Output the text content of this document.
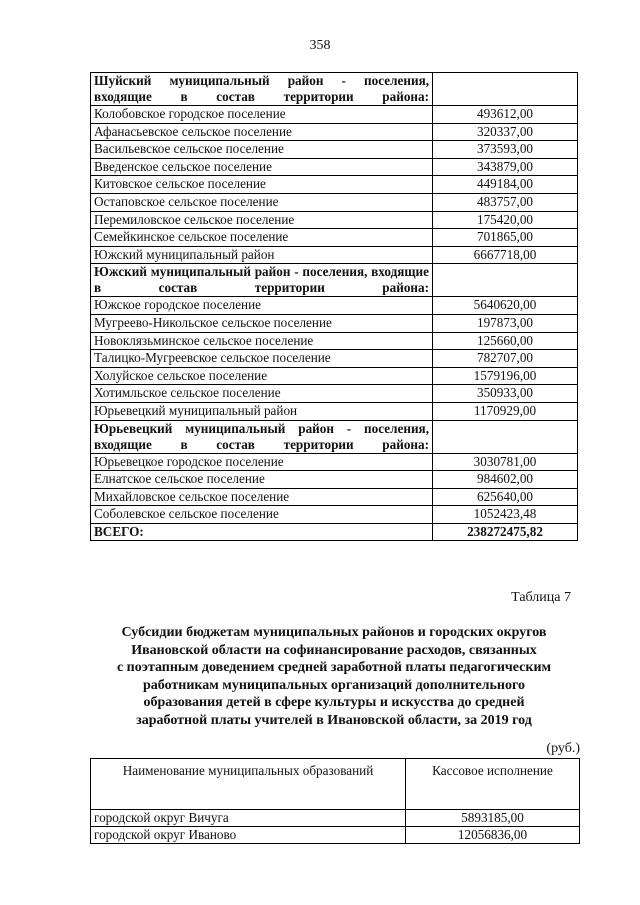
358
Шуйский муниципальный район - поселения, входящие в состав территории района:	
Колобовское городское поселение	493612,00
Афанасьевское сельское поселение	320337,00
Васильевское сельское поселение	373593,00
Введенское сельское поселение	343879,00
Китовское сельское поселение	449184,00
Остаповское сельское поселение	483757,00
Перемиловское сельское поселение	175420,00
Семейкинское сельское поселение	701865,00
Южский муниципальный район	6667718,00
Южский муниципальный район - поселения, входящие в состав территории района:	
Южское городское поселение	5640620,00
Мугреево-Никольское сельское поселение	197873,00
Новоклязьминское сельское поселение	125660,00
Талицко-Мугреевское сельское поселение	782707,00
Холуйское сельское поселение	1579196,00
Хотимльское сельское поселение	350933,00
Юрьевецкий муниципальный район	1170929,00
Юрьевецкий муниципальный район - поселения, входящие в состав территории района:	
Юрьевецкое городское поселение	3030781,00
Елнатское сельское поселение	984602,00
Михайловское сельское поселение	625640,00
Соболевское сельское поселение	1052423,48
ВСЕГО:	238272475,82
Таблица 7
Субсидии бюджетам муниципальных районов и городских округов
Ивановской области на софинансирование расходов, связанных
с поэтапным доведением средней заработной платы педагогическим
работникам муниципальных организаций дополнительного
образования детей в сфере культуры и искусства до средней
заработной платы учителей в Ивановской области, за 2019 год
(руб.)
Наименование муниципальных образований	Кассовое исполнение
городской округ Вичуга	5893185,00
городской округ Иваново	12056836,00
